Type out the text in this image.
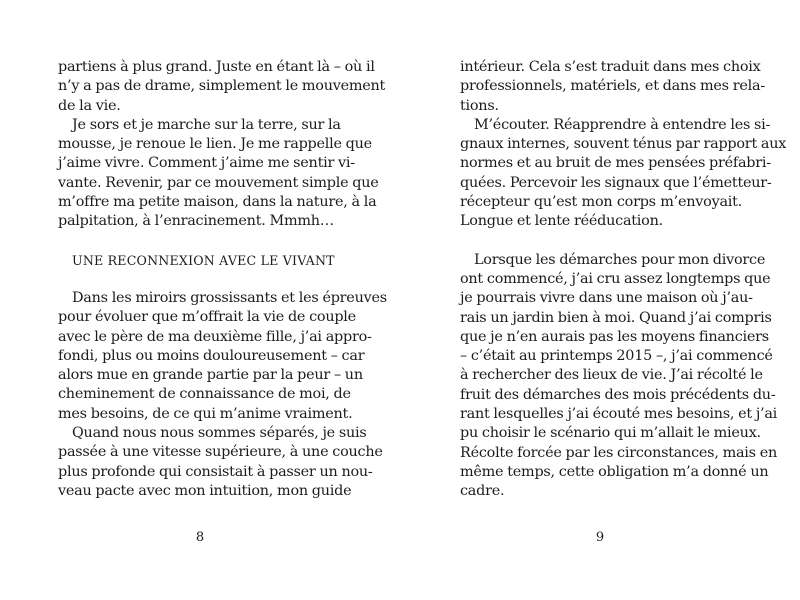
partiens à plus grand. Juste en étant là – où il
n’y a pas de drame, simplement le mouvement
de la vie.
Je sors et je marche sur la terre, sur la
mousse, je renoue le lien. Je me rappelle que
j’aime vivre. Comment j’aime me sentir vi-
vante. Revenir, par ce mouvement simple que
m’offre ma petite maison, dans la nature, à la
palpitation, à l’enracinement. Mmmh…
UNE RECONNEXION AVEC LE VIVANT
Dans les miroirs grossissants et les épreuves
pour évoluer que m’offrait la vie de couple
avec le père de ma deuxième fille, j’ai appro-
fondi, plus ou moins douloureusement – car
alors mue en grande partie par la peur – un
cheminement de connaissance de moi, de
mes besoins, de ce qui m’anime vraiment.
Quand nous nous sommes séparés, je suis
passée à une vitesse supérieure, à une couche
plus profonde qui consistait à passer un nou-
veau pacte avec mon intuition, mon guide
8
intérieur. Cela s’est traduit dans mes choix
professionnels, matériels, et dans mes rela-
tions.
M’écouter. Réapprendre à entendre les si-
gnaux internes, souvent ténus par rapport aux
normes et au bruit de mes pensées préfabri-
quées. Percevoir les signaux que l’émetteur-
récepteur qu’est mon corps m’envoyait.
Longue et lente rééducation.
Lorsque les démarches pour mon divorce
ont commencé, j’ai cru assez longtemps que
je pourrais vivre dans une maison où j’au-
rais un jardin bien à moi. Quand j’ai compris
que je n’en aurais pas les moyens financiers
– c’était au printemps 2015 –, j’ai commencé
à rechercher des lieux de vie. J’ai récolté le
fruit des démarches des mois précédents du-
rant lesquelles j’ai écouté mes besoins, et j’ai
pu choisir le scénario qui m’allait le mieux.
Récolte forcée par les circonstances, mais en
même temps, cette obligation m’a donné un
cadre.
9
